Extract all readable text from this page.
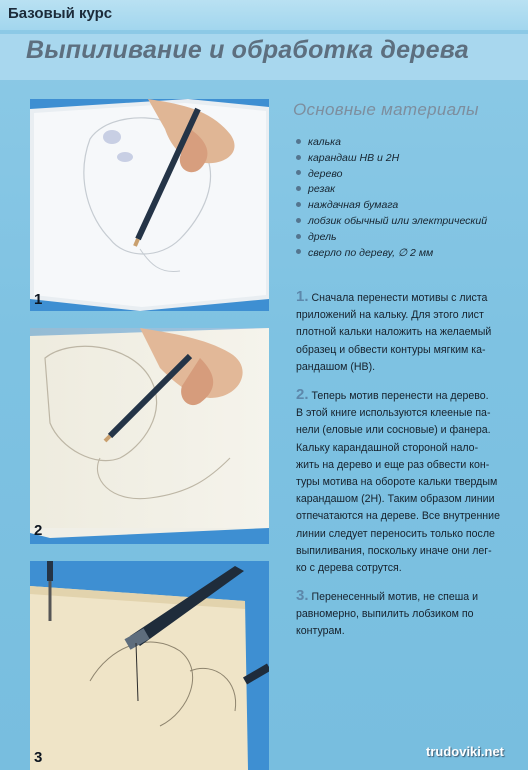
Базовый курс
Выпиливание и обработка дерева
1
2
3
Основные материалы
калька
карандаш НВ и 2Н
дерево
резак
наждачная бумага
лобзик обычный или электрический
дрель
сверло по дереву, ∅ 2 мм
1. Сначала перенести мотивы с листа
приложений на кальку. Для этого лист
плотной кальки наложить на желаемый
образец и обвести контуры мягким ка-
рандашом (НВ).
2. Теперь мотив перенести на дерево.
В этой книге используются клееные па-
нели (еловые или сосновые) и фанера.
Кальку карандашной стороной нало-
жить на дерево и еще раз обвести кон-
туры мотива на обороте кальки твердым
карандашом (2Н). Таким образом линии
отпечатаются на дереве. Все внутренние
линии следует переносить только после
выпиливания, поскольку иначе они лег-
ко с дерева сотрутся.
3. Перенесенный мотив, не спеша и
равномерно, выпилить лобзиком по
контурам.
trudoviki.net
